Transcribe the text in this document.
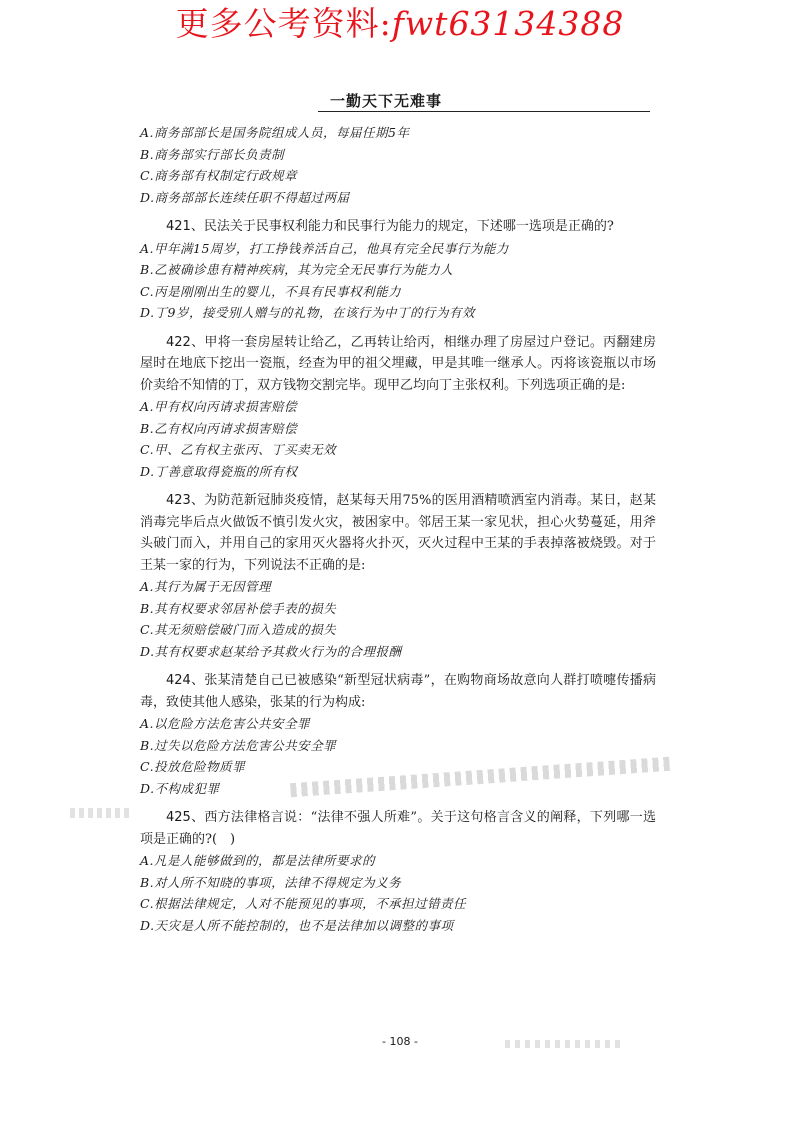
更多公考资料:fwt63134388
一勤天下无难事
A.商务部部长是国务院组成人员，每届任期5年
B.商务部实行部长负责制
C.商务部有权制定行政规章
D.商务部部长连续任职不得超过两届
421、民法关于民事权利能力和民事行为能力的规定，下述哪一选项是正确的?
A.甲年满15周岁，打工挣钱养活自己，他具有完全民事行为能力
B.乙被确诊患有精神疾病，其为完全无民事行为能力人
C.丙是刚刚出生的婴儿，不具有民事权利能力
D.丁9岁，接受别人赠与的礼物，在该行为中丁的行为有效
422、甲将一套房屋转让给乙，乙再转让给丙，相继办理了房屋过户登记。丙翻建房屋时在地底下挖出一瓷瓶，经查为甲的祖父埋藏，甲是其唯一继承人。丙将该瓷瓶以市场价卖给不知情的丁，双方钱物交割完毕。现甲乙均向丁主张权利。下列选项正确的是:
A.甲有权向丙请求损害赔偿
B.乙有权向丙请求损害赔偿
C.甲、乙有权主张丙、丁买卖无效
D.丁善意取得瓷瓶的所有权
423、为防范新冠肺炎疫情，赵某每天用75%的医用酒精喷洒室内消毒。某日，赵某消毒完毕后点火做饭不慎引发火灾，被困家中。邻居王某一家见状，担心火势蔓延，用斧头破门而入，并用自己的家用灭火器将火扑灭，灭火过程中王某的手表掉落被烧毁。对于王某一家的行为，下列说法不正确的是:
A.其行为属于无因管理
B.其有权要求邻居补偿手表的损失
C.其无须赔偿破门而入造成的损失
D.其有权要求赵某给予其救火行为的合理报酬
424、张某清楚自己已被感染“新型冠状病毒”，在购物商场故意向人群打喷嚏传播病毒，致使其他人感染，张某的行为构成:
A.以危险方法危害公共安全罪
B.过失以危险方法危害公共安全罪
C.投放危险物质罪
D.不构成犯罪
425、西方法律格言说：“法律不强人所难”。关于这句格言含义的阐释，下列哪一选项是正确的?(　)
A.凡是人能够做到的，都是法律所要求的
B.对人所不知晓的事项，法律不得规定为义务
C.根据法律规定，人对不能预见的事项，不承担过错责任
D.天灾是人所不能控制的，也不是法律加以调整的事项
- 108 -
